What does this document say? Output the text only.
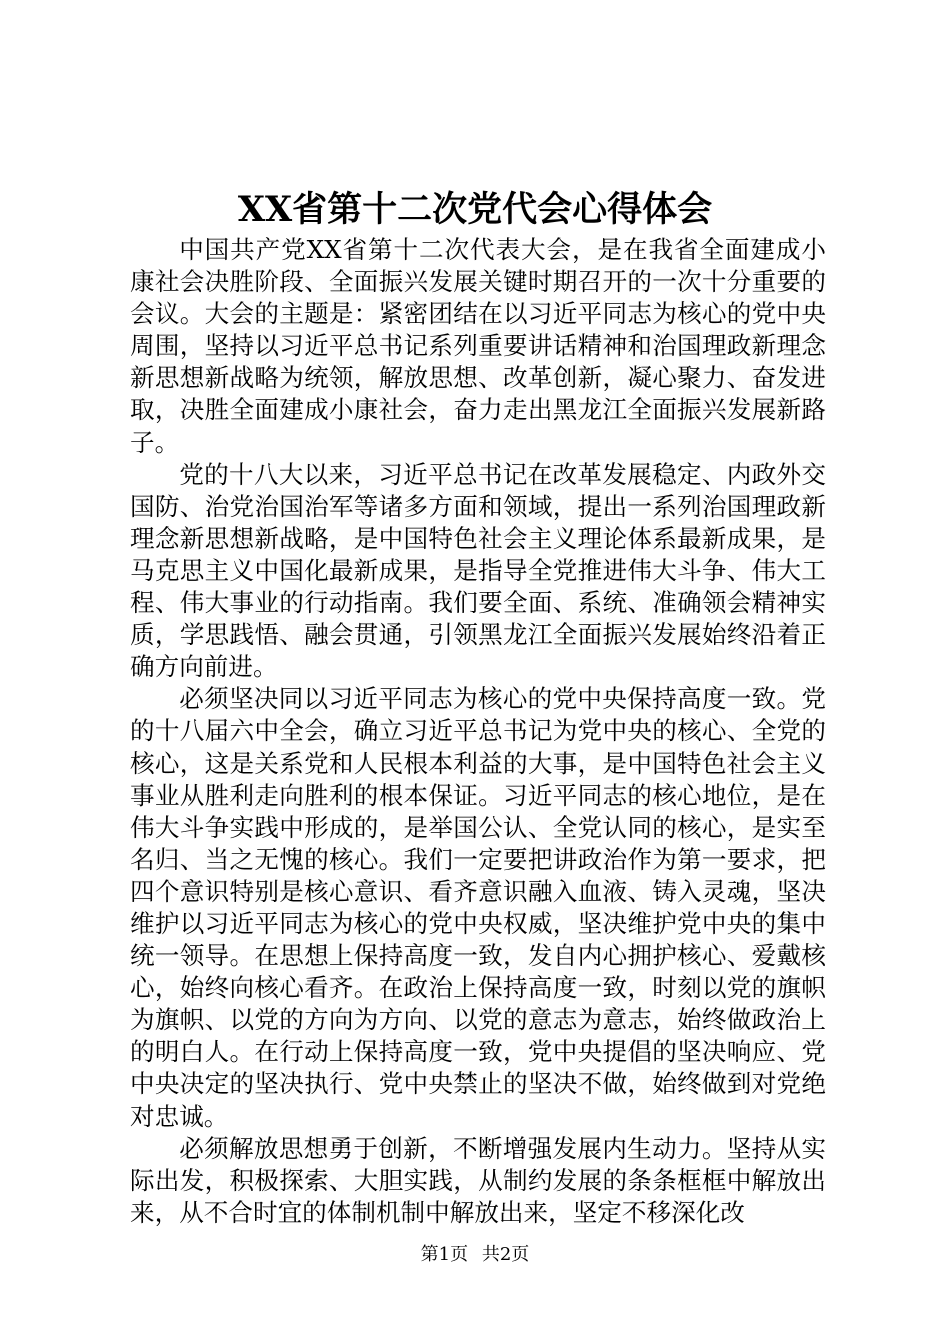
XX省第十二次党代会心得体会

中国共产党XX省第十二次代表大会，是在我省全面建成小康社会决胜阶段、全面振兴发展关键时期召开的一次十分重要的会议。大会的主题是：紧密团结在以习近平同志为核心的党中央周围，坚持以习近平总书记系列重要讲话精神和治国理政新理念新思想新战略为统领，解放思想、改革创新，凝心聚力、奋发进取，决胜全面建成小康社会，奋力走出黑龙江全面振兴发展新路子。

党的十八大以来，习近平总书记在改革发展稳定、内政外交国防、治党治国治军等诸多方面和领域，提出一系列治国理政新理念新思想新战略，是中国特色社会主义理论体系最新成果，是马克思主义中国化最新成果，是指导全党推进伟大斗争、伟大工程、伟大事业的行动指南。我们要全面、系统、准确领会精神实质，学思践悟、融会贯通，引领黑龙江全面振兴发展始终沿着正确方向前进。

必须坚决同以习近平同志为核心的党中央保持高度一致。党的十八届六中全会，确立习近平总书记为党中央的核心、全党的核心，这是关系党和人民根本利益的大事，是中国特色社会主义事业从胜利走向胜利的根本保证。习近平同志的核心地位，是在伟大斗争实践中形成的，是举国公认、全党认同的核心，是实至名归、当之无愧的核心。我们一定要把讲政治作为第一要求，把四个意识特别是核心意识、看齐意识融入血液、铸入灵魂，坚决维护以习近平同志为核心的党中央权威，坚决维护党中央的集中统一领导。在思想上保持高度一致，发自内心拥护核心、爱戴核心，始终向核心看齐。在政治上保持高度一致，时刻以党的旗帜为旗帜、以党的方向为方向、以党的意志为意志，始终做政治上的明白人。在行动上保持高度一致，党中央提倡的坚决响应、党中央决定的坚决执行、党中央禁止的坚决不做，始终做到对党绝对忠诚。

必须解放思想勇于创新，不断增强发展内生动力。坚持从实际出发，积极探索、大胆实践，从制约发展的条条框框中解放出来，从不合时宜的体制机制中解放出来，坚定不移深化改

第1页 共2页
